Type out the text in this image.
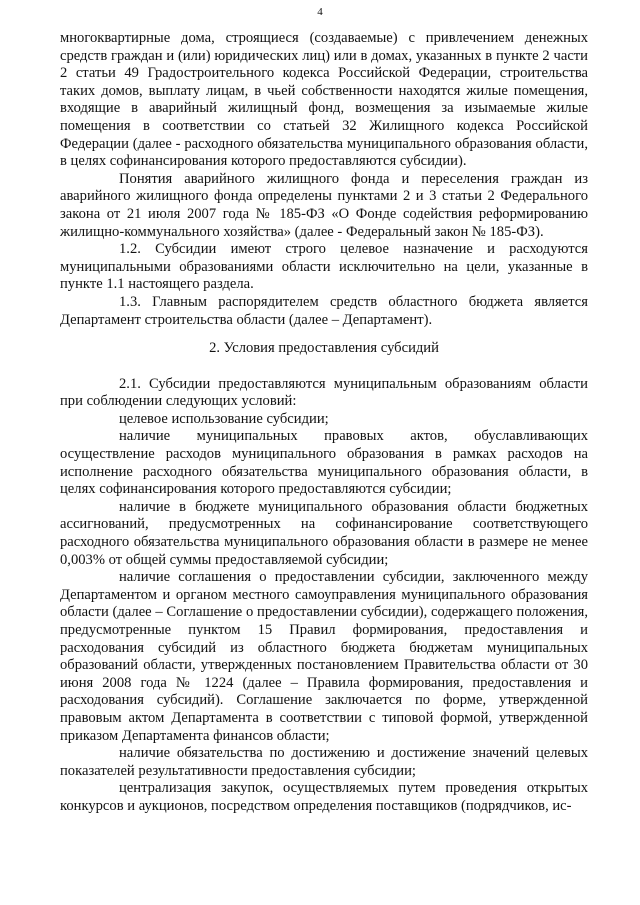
4

многоквартирные дома, строящиеся (создаваемые) с привлечением денежных средств граждан и (или) юридических лиц) или в домах, указанных в пункте 2 части 2 статьи 49 Градостроительного кодекса Российской Федерации, строительства таких домов, выплату лицам, в чьей собственности находятся жилые помещения, входящие в аварийный жилищный фонд, возмещения за изымаемые жилые помещения в соответствии со статьей 32 Жилищного кодекса Российской Федерации (далее - расходного обязательства муниципального образования области, в целях софинансирования которого предоставляются субсидии).

Понятия аварийного жилищного фонда и переселения граждан из аварийного жилищного фонда определены пунктами 2 и 3 статьи 2 Федерального закона от 21 июля 2007 года № 185-ФЗ «О Фонде содействия реформированию жилищно-коммунального хозяйства» (далее - Федеральный закон № 185-ФЗ).

1.2. Субсидии имеют строго целевое назначение и расходуются муниципальными образованиями области исключительно на цели, указанные в пункте 1.1 настоящего раздела.

1.3. Главным распорядителем средств областного бюджета является Департамент строительства области (далее – Департамент).

2. Условия предоставления субсидий

2.1. Субсидии предоставляются муниципальным образованиям области при соблюдении следующих условий:

целевое использование субсидии;

наличие муниципальных правовых актов, обуславливающих осуществление расходов муниципального образования в рамках расходов на исполнение расходного обязательства муниципального образования области, в целях софинансирования которого предоставляются субсидии;

наличие в бюджете муниципального образования области бюджетных ассигнований, предусмотренных на софинансирование соответствующего расходного обязательства муниципального образования области в размере не менее 0,003% от общей суммы предоставляемой субсидии;

наличие соглашения о предоставлении субсидии, заключенного между Департаментом и органом местного самоуправления муниципального образования области (далее – Соглашение о предоставлении субсидии), содержащего положения, предусмотренные пунктом 15 Правил формирования, предоставления и расходования субсидий из областного бюджета бюджетам муниципальных образований области, утвержденных постановлением Правительства области от 30 июня 2008 года № 1224 (далее – Правила формирования, предоставления и расходования субсидий). Соглашение заключается по форме, утвержденной правовым актом Департамента в соответствии с типовой формой, утвержденной приказом Департамента финансов области;

наличие обязательства по достижению и достижение значений целевых показателей результативности предоставления субсидии;

централизация закупок, осуществляемых путем проведения открытых конкурсов и аукционов, посредством определения поставщиков (подрядчиков, ис-
